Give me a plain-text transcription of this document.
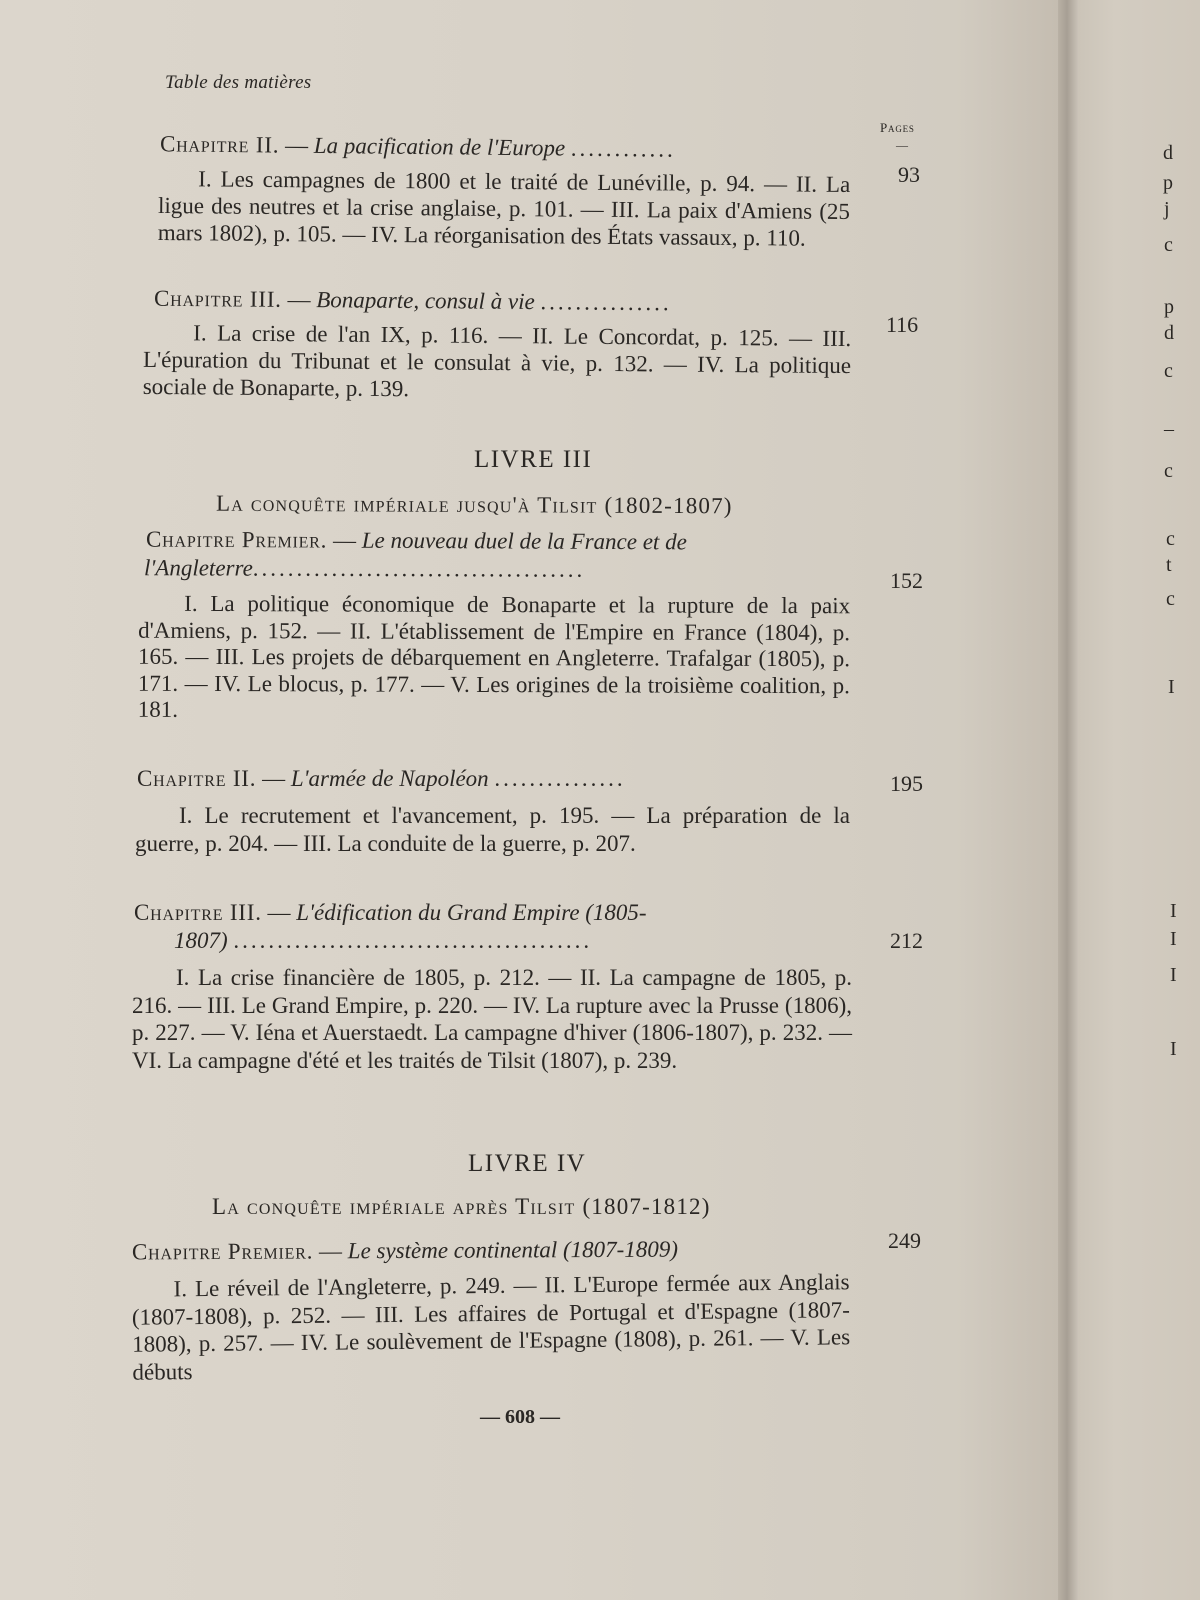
Table des matières
Pages
—
Chapitre II. — La pacification de l'Europe ............
93
I. Les campagnes de 1800 et le traité de Lunéville, p. 94. — II. La ligue des neutres et la crise anglaise, p. 101. — III. La paix d'Amiens (25 mars 1802), p. 105. — IV. La réorganisation des États vassaux, p. 110.
Chapitre III. — Bonaparte, consul à vie ...............
116
I. La crise de l'an IX, p. 116. — II. Le Concordat, p. 125. — III. L'épuration du Tribunat et le consulat à vie, p. 132. — IV. La politique sociale de Bonaparte, p. 139.
LIVRE III
La conquête impériale jusqu'à Tilsit (1802-1807)
Chapitre Premier. — Le nouveau duel de la France et de
l'Angleterre......................................	152
I. La politique économique de Bonaparte et la rupture de la paix d'Amiens, p. 152. — II. L'établissement de l'Empire en France (1804), p. 165. — III. Les projets de débarquement en Angleterre. Trafalgar (1805), p. 171. — IV. Le blocus, p. 177. — V. Les origines de la troisième coalition, p. 181.
Chapitre II. — L'armée de Napoléon ...............	195
I. Le recrutement et l'avancement, p. 195. — La préparation de la guerre, p. 204. — III. La conduite de la guerre, p. 207.
Chapitre III. — L'édification du Grand Empire (1805-
1807) .........................................	212
I. La crise financière de 1805, p. 212. — II. La campagne de 1805, p. 216. — III. Le Grand Empire, p. 220. — IV. La rupture avec la Prusse (1806), p. 227. — V. Iéna et Auerstaedt. La campagne d'hiver (1806-1807), p. 232. — VI. La campagne d'été et les traités de Tilsit (1807), p. 239.
LIVRE IV
La conquête impériale après Tilsit (1807-1812)
Chapitre Premier. — Le système continental (1807-1809)	249
I. Le réveil de l'Angleterre, p. 249. — II. L'Europe fermée aux Anglais (1807-1808), p. 252. — III. Les affaires de Portugal et d'Espagne (1807-1808), p. 257. — IV. Le soulèvement de l'Espagne (1808), p. 261. — V. Les débuts
— 608 —
d
p
j
c
p
d
c
–
c
c
t
c
I
I
I
I
I
